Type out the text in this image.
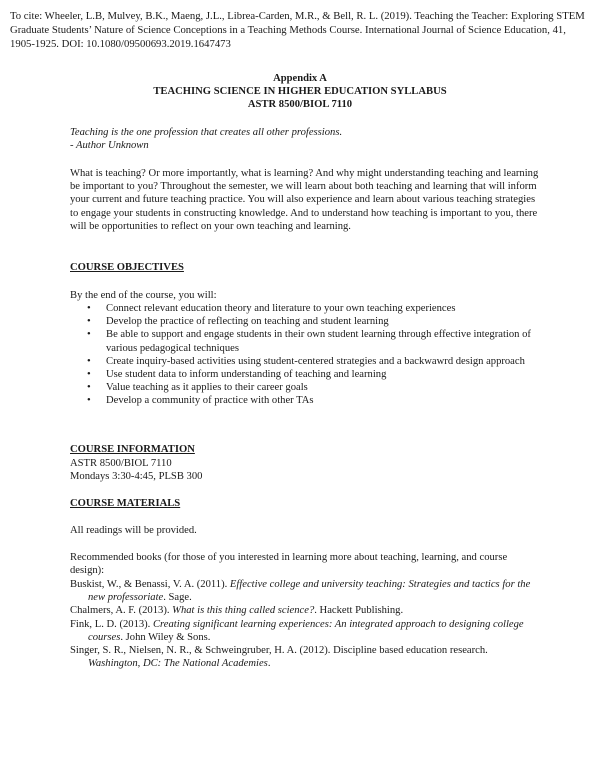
To cite: Wheeler, L.B, Mulvey, B.K., Maeng, J.L., Librea-Carden, M.R., & Bell, R. L. (2019). Teaching the Teacher: Exploring STEM Graduate Students’ Nature of Science Conceptions in a Teaching Methods Course. International Journal of Science Education, 41, 1905-1925. DOI: 10.1080/09500693.2019.1647473
Appendix A
TEACHING SCIENCE IN HIGHER EDUCATION SYLLABUS
ASTR 8500/BIOL 7110
Teaching is the one profession that creates all other professions.
- Author Unknown
What is teaching? Or more importantly, what is learning? And why might understanding teaching and learning be important to you? Throughout the semester, we will learn about both teaching and learning that will inform your current and future teaching practice. You will also experience and learn about various teaching strategies to engage your students in constructing knowledge. And to understand how teaching is important to you, there will be opportunities to reflect on your own teaching and learning.
COURSE OBJECTIVES
By the end of the course, you will:
• Connect relevant education theory and literature to your own teaching experiences
• Develop the practice of reflecting on teaching and student learning
• Be able to support and engage students in their own student learning through effective integration of various pedagogical techniques
• Create inquiry-based activities using student-centered strategies and a backwawrd design approach
• Use student data to inform understanding of teaching and learning
• Value teaching as it applies to their career goals
• Develop a community of practice with other TAs
COURSE INFORMATION
ASTR 8500/BIOL 7110
Mondays 3:30-4:45, PLSB 300
COURSE MATERIALS
All readings will be provided.
Recommended books (for those of you interested in learning more about teaching, learning, and course design):
Buskist, W., & Benassi, V. A. (2011). Effective college and university teaching: Strategies and tactics for the new professoriate. Sage.
Chalmers, A. F. (2013). What is this thing called science?. Hackett Publishing.
Fink, L. D. (2013). Creating significant learning experiences: An integrated approach to designing college courses. John Wiley & Sons.
Singer, S. R., Nielsen, N. R., & Schweingruber, H. A. (2012). Discipline based education research. Washington, DC: The National Academies.
